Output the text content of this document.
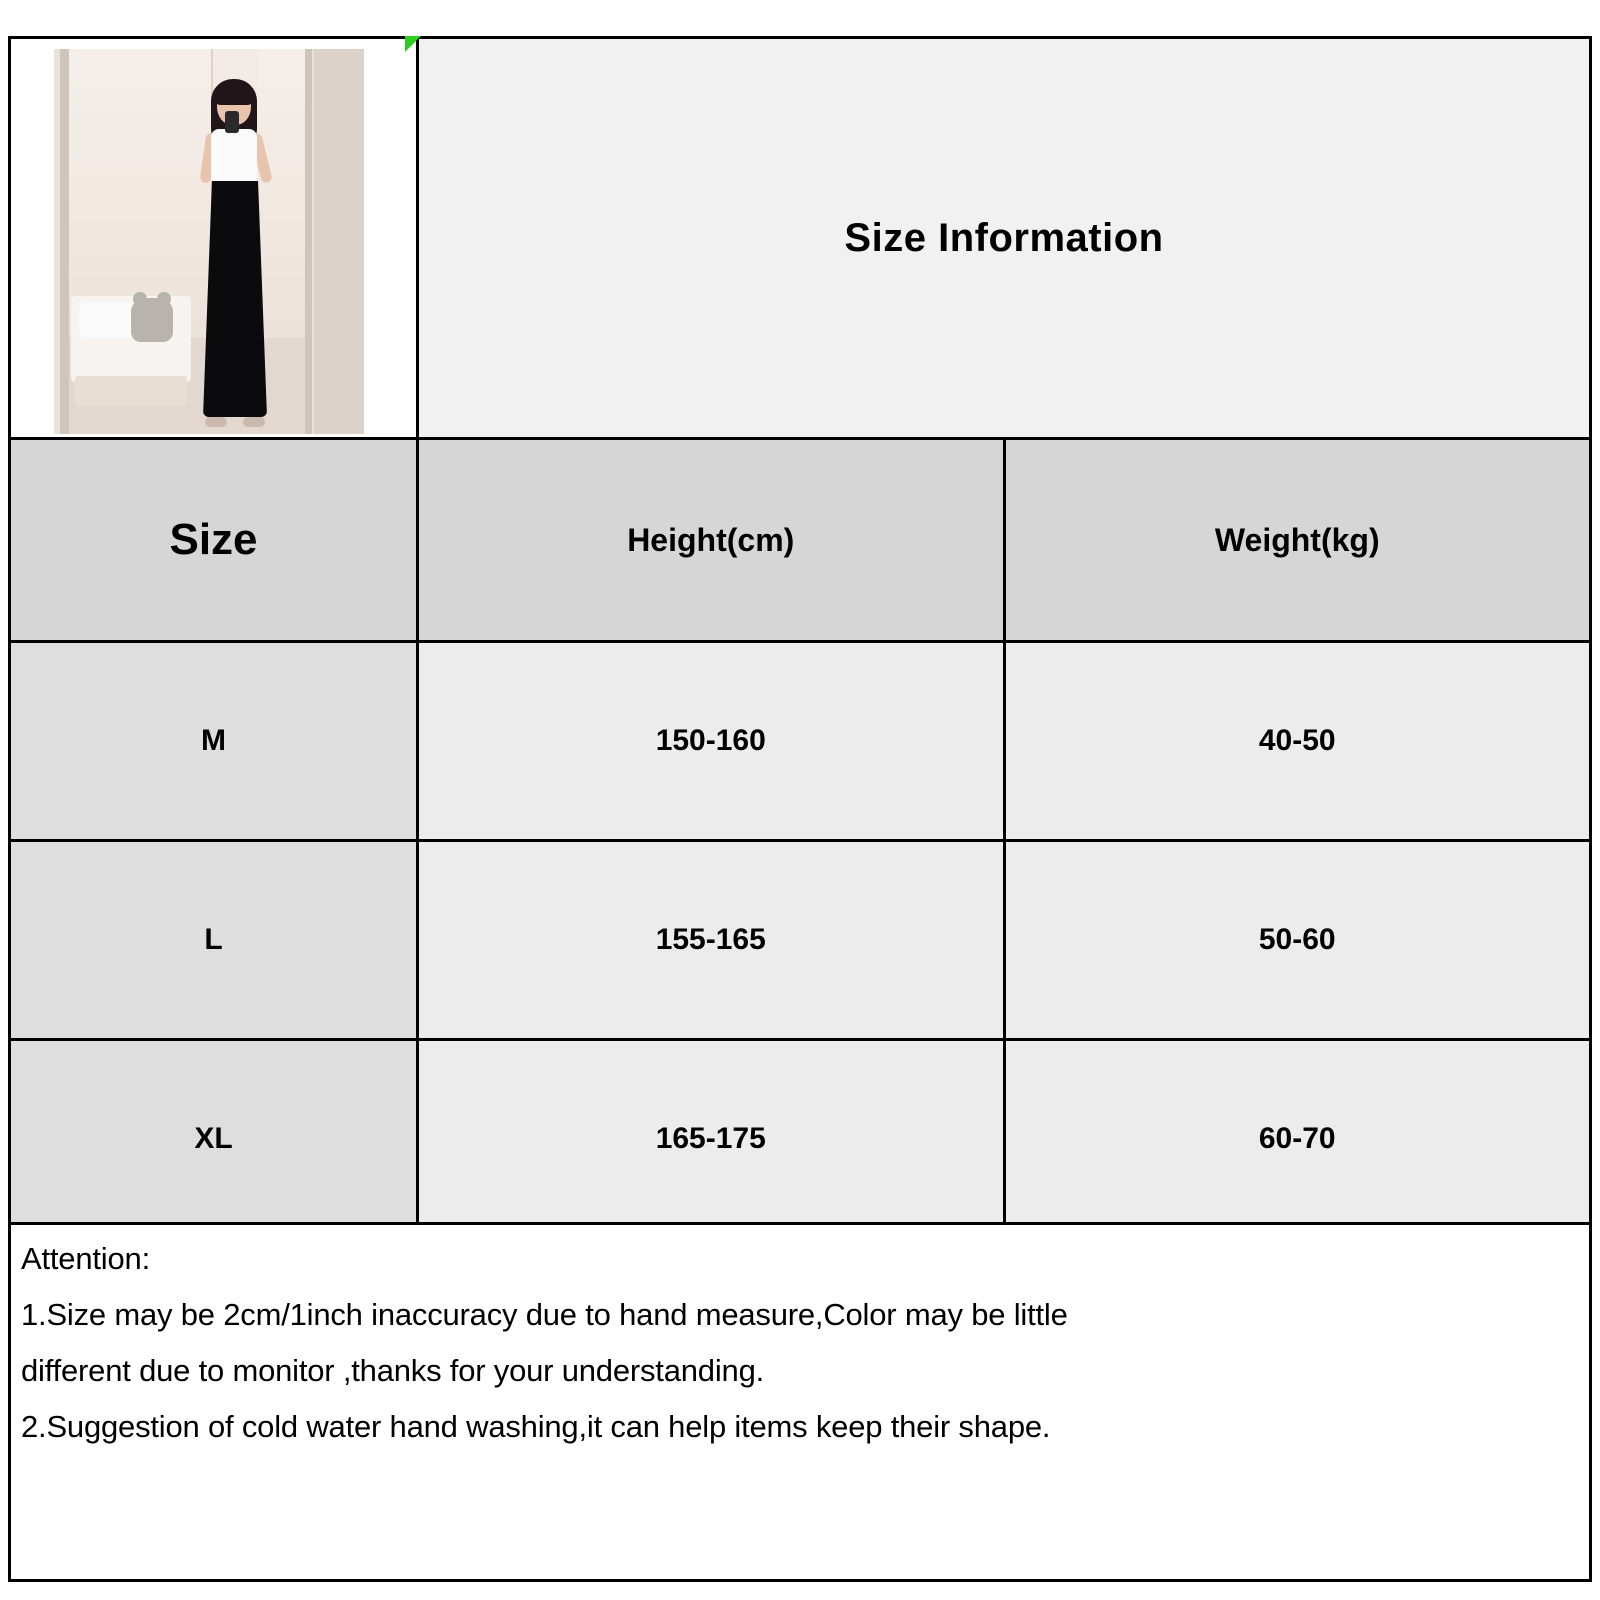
	Size Information	
Size	Height(cm)	Weight(kg)
M	150-160	40-50
L	155-165	50-60
XL	165-175	60-70
Attention:
1.Size may be 2cm/1inch inaccuracy due to hand measure,Color may be little
different due to monitor ,thanks for your understanding.
2.Suggestion of cold water hand washing,it can help items keep their shape.
